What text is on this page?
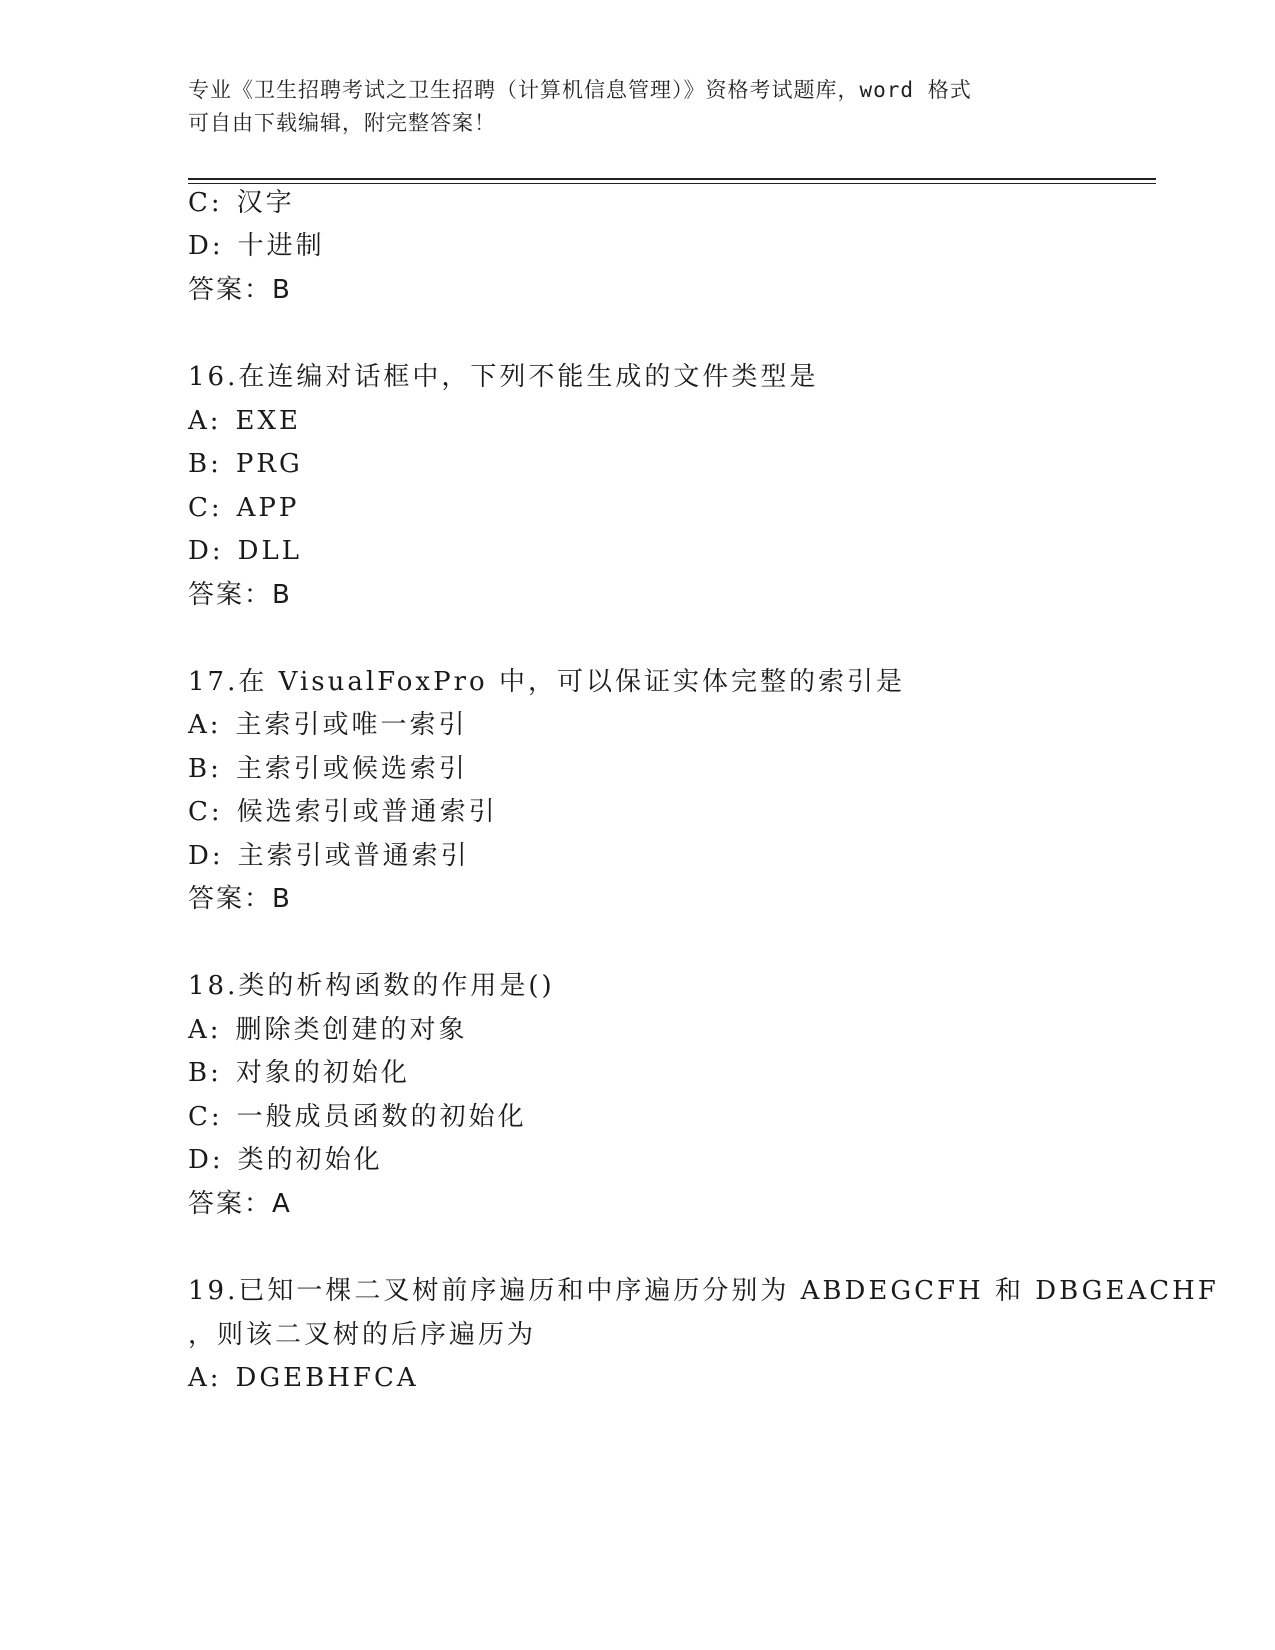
专业《卫生招聘考试之卫生招聘（计算机信息管理）》资格考试题库，word 格式
可自由下载编辑，附完整答案！
C: 汉字
D: 十进制
答案：B
16.在连编对话框中，下列不能生成的文件类型是
A: EXE
B: PRG
C: APP
D: DLL
答案：B
17.在 VisualFoxPro 中，可以保证实体完整的索引是
A: 主索引或唯一索引
B: 主索引或候选索引
C: 候选索引或普通索引
D: 主索引或普通索引
答案：B
18.类的析构函数的作用是()
A: 删除类创建的对象
B: 对象的初始化
C: 一般成员函数的初始化
D: 类的初始化
答案：A
19.已知一棵二叉树前序遍历和中序遍历分别为 ABDEGCFH 和 DBGEACHF
，则该二叉树的后序遍历为
A: DGEBHFCA
